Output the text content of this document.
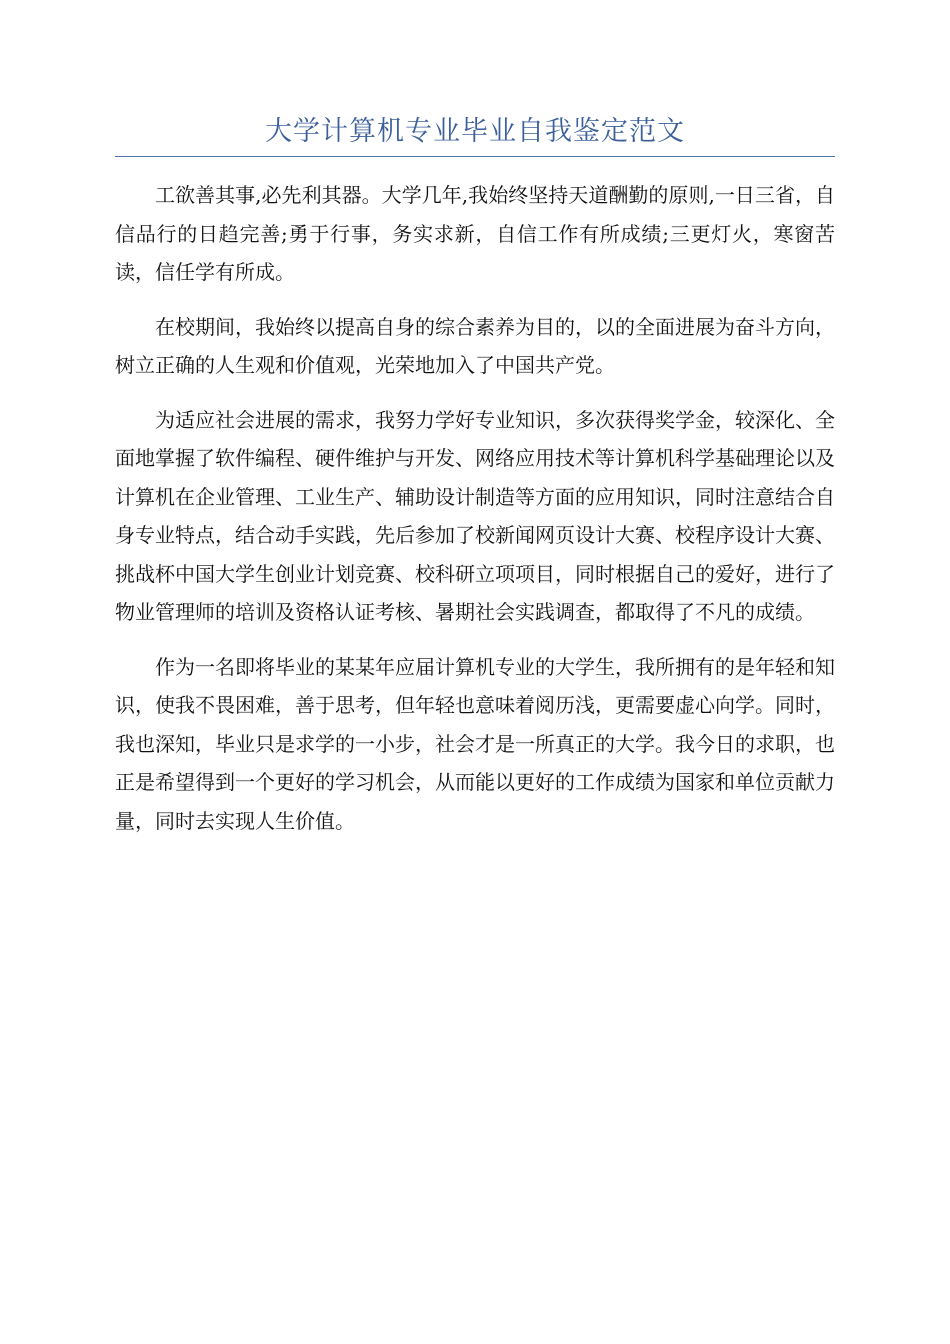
大学计算机专业毕业自我鉴定范文

工欲善其事,必先利其器。大学几年,我始终坚持天道酬勤的原则,一日三省，自信品行的日趋完善;勇于行事，务实求新，自信工作有所成绩;三更灯火，寒窗苦读，信任学有所成。

在校期间，我始终以提高自身的综合素养为目的，以的全面进展为奋斗方向，树立正确的人生观和价值观，光荣地加入了中国共产党。

为适应社会进展的需求，我努力学好专业知识，多次获得奖学金，较深化、全面地掌握了软件编程、硬件维护与开发、网络应用技术等计算机科学基础理论以及计算机在企业管理、工业生产、辅助设计制造等方面的应用知识，同时注意结合自身专业特点，结合动手实践，先后参加了校新闻网页设计大赛、校程序设计大赛、挑战杯中国大学生创业计划竞赛、校科研立项项目，同时根据自己的爱好，进行了物业管理师的培训及资格认证考核、暑期社会实践调查，都取得了不凡的成绩。

作为一名即将毕业的某某年应届计算机专业的大学生，我所拥有的是年轻和知识，使我不畏困难，善于思考，但年轻也意味着阅历浅，更需要虚心向学。同时，我也深知，毕业只是求学的一小步，社会才是一所真正的大学。我今日的求职，也正是希望得到一个更好的学习机会，从而能以更好的工作成绩为国家和单位贡献力量，同时去实现人生价值。
